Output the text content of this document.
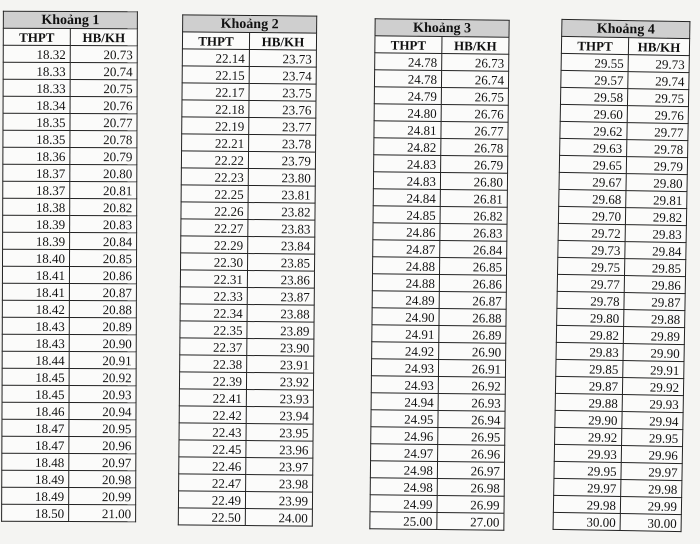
Khoảng 1	
THPT	HB/KH
18.32	20.73
18.33	20.74
18.33	20.75
18.34	20.76
18.35	20.77
18.35	20.78
18.36	20.79
18.37	20.80
18.37	20.81
18.38	20.82
18.39	20.83
18.39	20.84
18.40	20.85
18.41	20.86
18.41	20.87
18.42	20.88
18.43	20.89
18.43	20.90
18.44	20.91
18.45	20.92
18.45	20.93
18.46	20.94
18.47	20.95
18.47	20.96
18.48	20.97
18.49	20.98
18.49	20.99
18.50	21.00
Khoảng 2	
THPT	HB/KH
22.14	23.73
22.15	23.74
22.17	23.75
22.18	23.76
22.19	23.77
22.21	23.78
22.22	23.79
22.23	23.80
22.25	23.81
22.26	23.82
22.27	23.83
22.29	23.84
22.30	23.85
22.31	23.86
22.33	23.87
22.34	23.88
22.35	23.89
22.37	23.90
22.38	23.91
22.39	23.92
22.41	23.93
22.42	23.94
22.43	23.95
22.45	23.96
22.46	23.97
22.47	23.98
22.49	23.99
22.50	24.00
Khoảng 3	
THPT	HB/KH
24.78	26.73
24.78	26.74
24.79	26.75
24.80	26.76
24.81	26.77
24.82	26.78
24.83	26.79
24.83	26.80
24.84	26.81
24.85	26.82
24.86	26.83
24.87	26.84
24.88	26.85
24.88	26.86
24.89	26.87
24.90	26.88
24.91	26.89
24.92	26.90
24.93	26.91
24.93	26.92
24.94	26.93
24.95	26.94
24.96	26.95
24.97	26.96
24.98	26.97
24.98	26.98
24.99	26.99
25.00	27.00
Khoảng 4	
THPT	HB/KH
29.55	29.73
29.57	29.74
29.58	29.75
29.60	29.76
29.62	29.77
29.63	29.78
29.65	29.79
29.67	29.80
29.68	29.81
29.70	29.82
29.72	29.83
29.73	29.84
29.75	29.85
29.77	29.86
29.78	29.87
29.80	29.88
29.82	29.89
29.83	29.90
29.85	29.91
29.87	29.92
29.88	29.93
29.90	29.94
29.92	29.95
29.93	29.96
29.95	29.97
29.97	29.98
29.98	29.99
30.00	30.00
